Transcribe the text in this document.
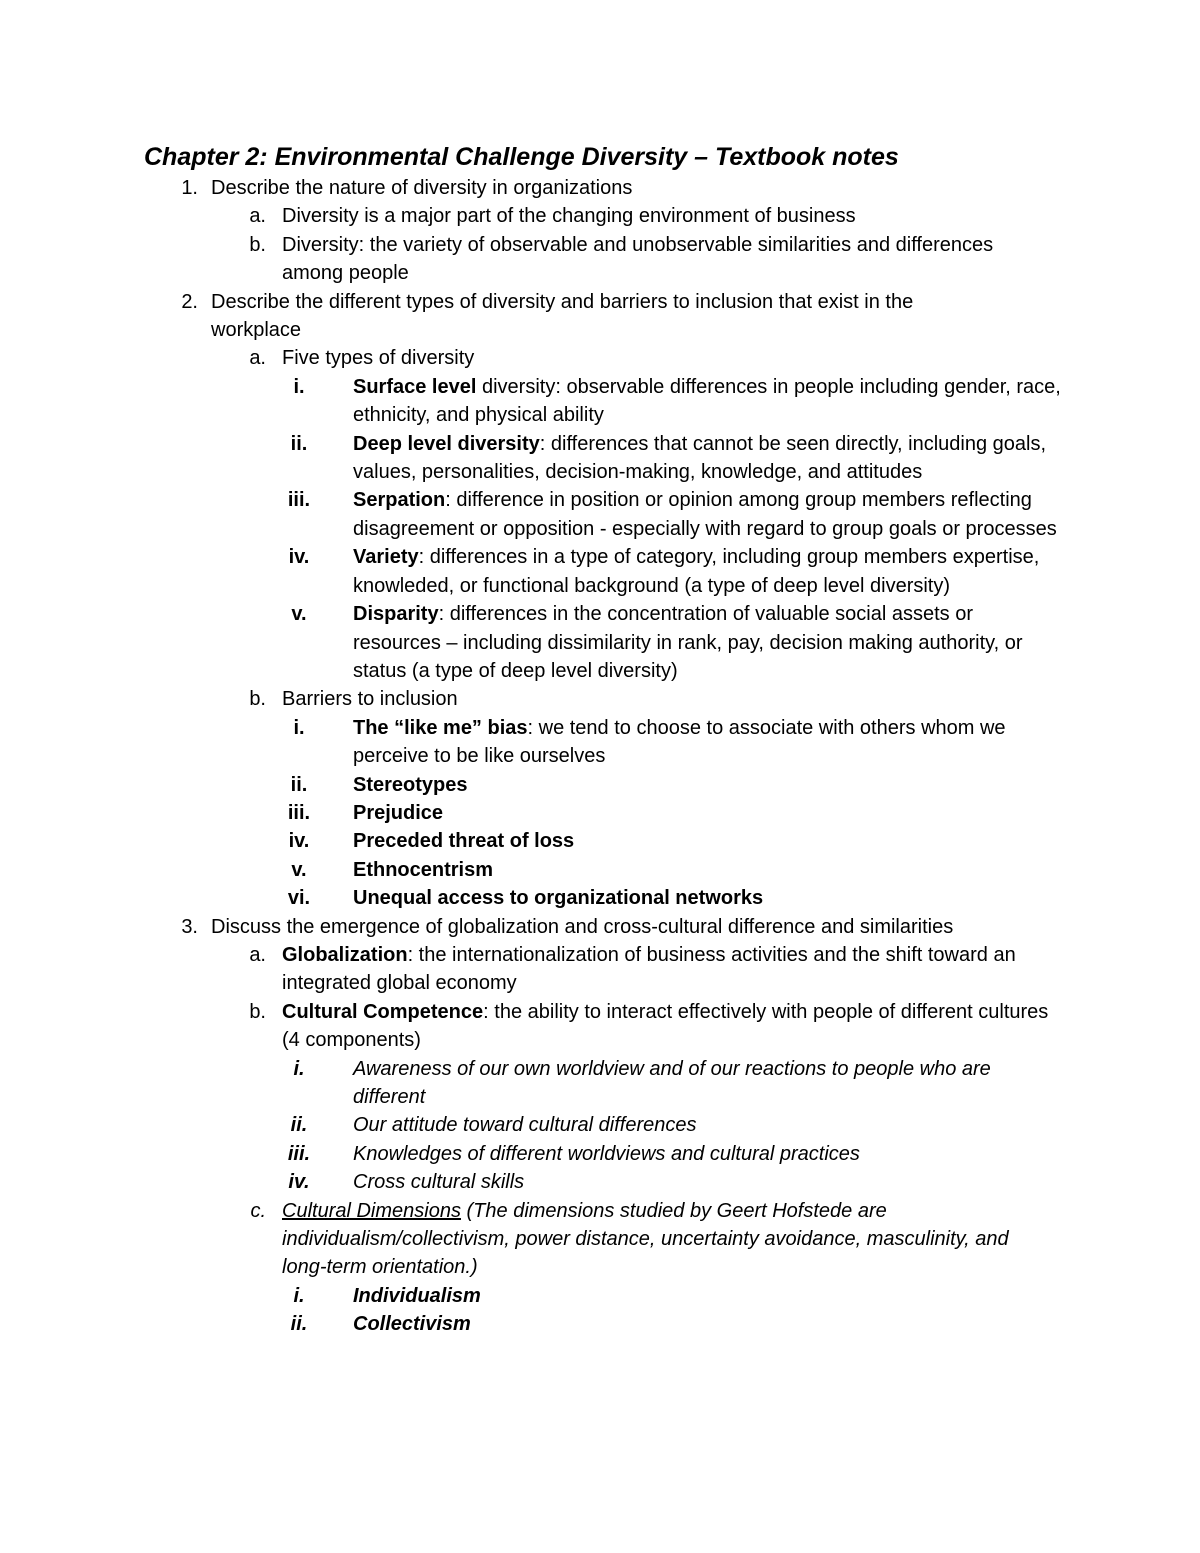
Chapter 2: Environmental Challenge Diversity – Textbook notes
1. Describe the nature of diversity in organizations
a. Diversity is a major part of the changing environment of business
b. Diversity: the variety of observable and unobservable similarities and differences among people
2. Describe the different types of diversity and barriers to inclusion that exist in the workplace
a. Five types of diversity
i.	Surface level diversity: observable differences in people including gender, race, ethnicity, and physical ability
ii.	Deep level diversity: differences that cannot be seen directly, including goals, values, personalities, decision-making, knowledge, and attitudes
iii.	Serpation: difference in position or opinion among group members reflecting disagreement or opposition - especially with regard to group goals or processes
iv.	Variety: differences in a type of category, including group members expertise, knowleded, or functional background (a type of deep level diversity)
v.	Disparity: differences in the concentration of valuable social assets or resources – including dissimilarity in rank, pay, decision making authority, or status (a type of deep level diversity)
b. Barriers to inclusion
i.	The “like me” bias: we tend to choose to associate with others whom we perceive to be like ourselves
ii.	Stereotypes
iii.	Prejudice
iv.	Preceded threat of loss
v.	Ethnocentrism
vi.	Unequal access to organizational networks
3. Discuss the emergence of globalization and cross-cultural difference and similarities
a. Globalization: the internationalization of business activities and the shift toward an integrated global economy
b. Cultural Competence: the ability to interact effectively with people of different cultures (4 components)
i.	Awareness of our own worldview and of our reactions to people who are different
ii.	Our attitude toward cultural differences
iii.	Knowledges of different worldviews and cultural practices
iv.	Cross cultural skills
c. Cultural Dimensions (The dimensions studied by Geert Hofstede are individualism/collectivism, power distance, uncertainty avoidance, masculinity, and long-term orientation.)
i.	Individualism
ii.	Collectivism
